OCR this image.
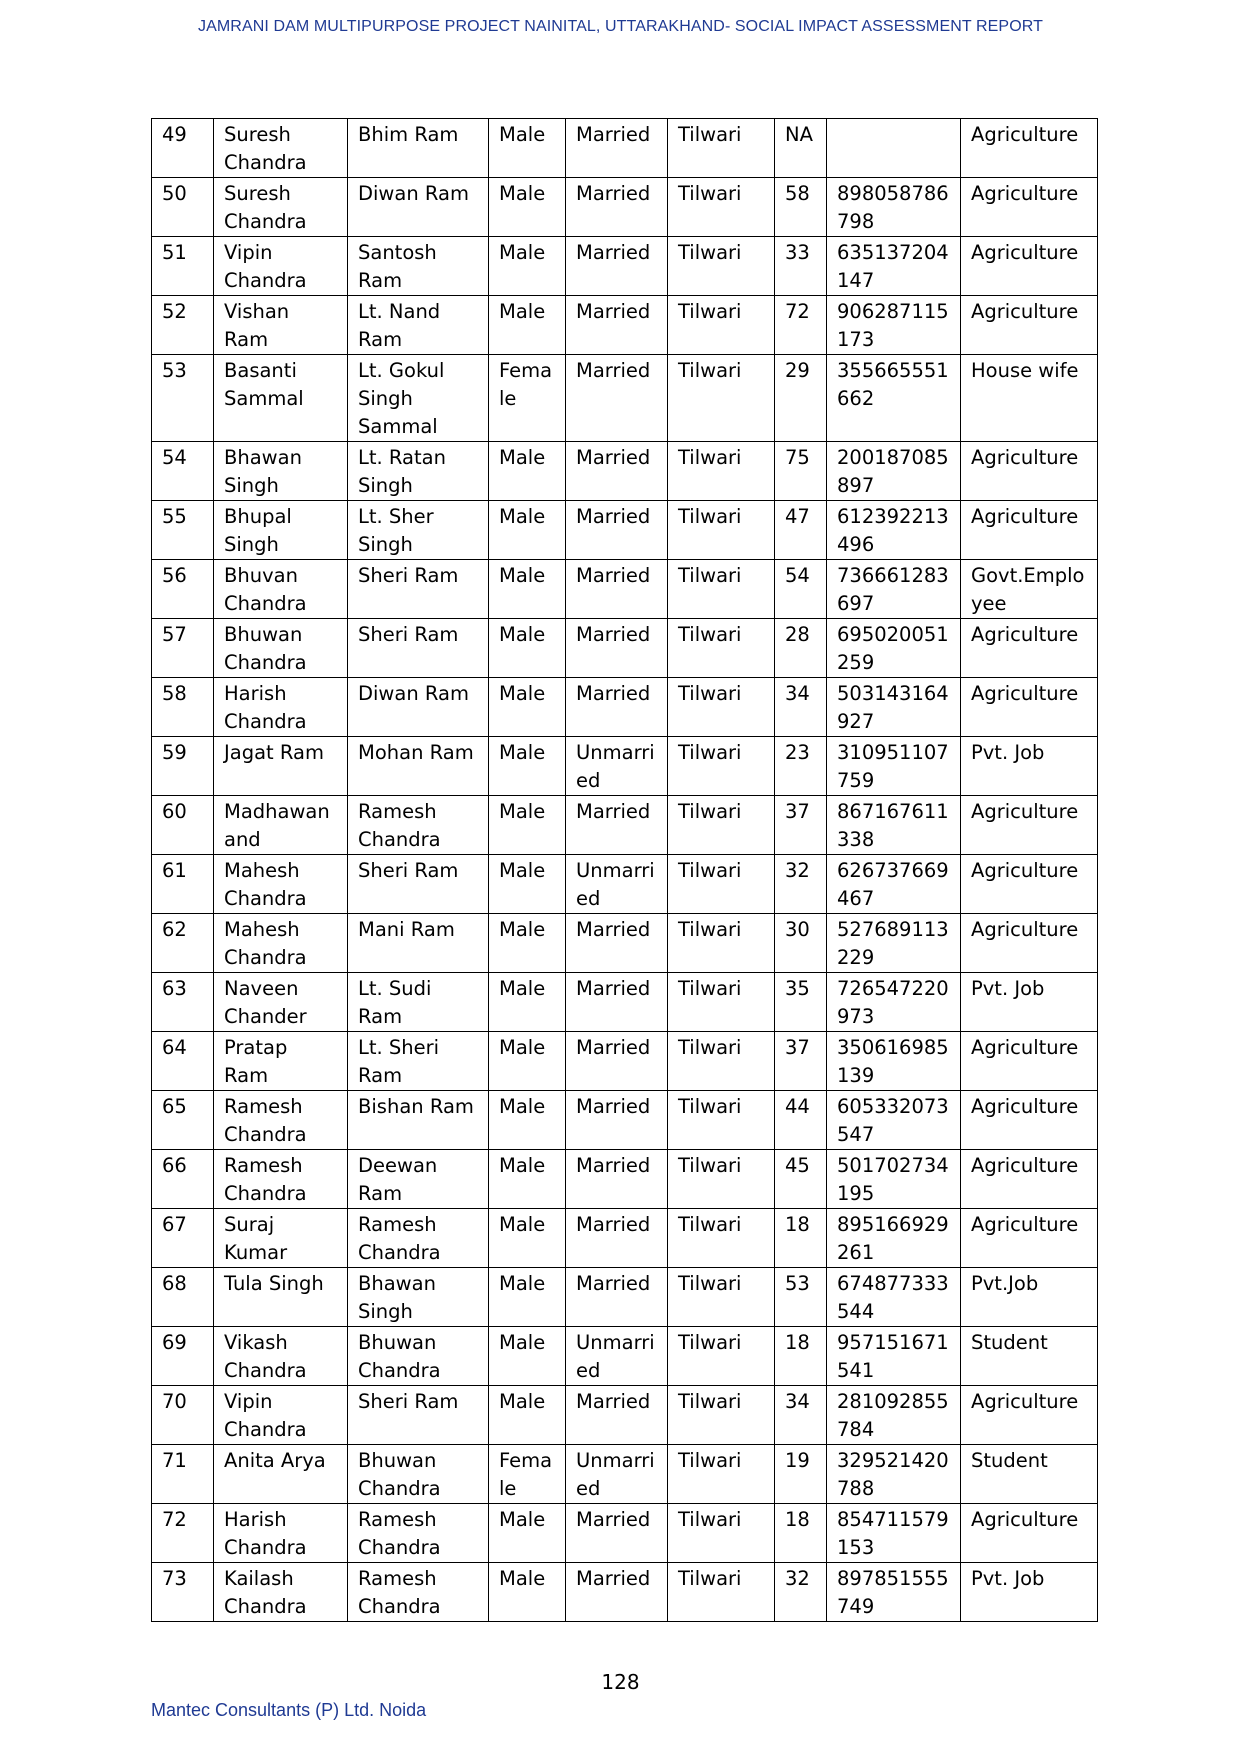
JAMRANI DAM MULTIPURPOSE PROJECT NAINITAL, UTTARAKHAND- SOCIAL IMPACT ASSESSMENT REPORT
49	Suresh Chandra	Bhim Ram	Male	Married	Tilwari	NA		Agriculture
50	Suresh Chandra	Diwan Ram	Male	Married	Tilwari	58	898058786798	Agriculture
51	Vipin Chandra	Santosh Ram	Male	Married	Tilwari	33	635137204147	Agriculture
52	Vishan Ram	Lt. Nand Ram	Male	Married	Tilwari	72	906287115173	Agriculture
53	Basanti Sammal	Lt. Gokul Singh Sammal	Female	Married	Tilwari	29	355665551662	House wife
54	Bhawan Singh	Lt. Ratan Singh	Male	Married	Tilwari	75	200187085897	Agriculture
55	Bhupal Singh	Lt. Sher Singh	Male	Married	Tilwari	47	612392213496	Agriculture
56	Bhuvan Chandra	Sheri Ram	Male	Married	Tilwari	54	736661283697	Govt.Employee
57	Bhuwan Chandra	Sheri Ram	Male	Married	Tilwari	28	695020051259	Agriculture
58	Harish Chandra	Diwan Ram	Male	Married	Tilwari	34	503143164927	Agriculture
59	Jagat Ram	Mohan Ram	Male	Unmarried	Tilwari	23	310951107759	Pvt. Job
60	Madhawan and	Ramesh Chandra	Male	Married	Tilwari	37	867167611338	Agriculture
61	Mahesh Chandra	Sheri Ram	Male	Unmarried	Tilwari	32	626737669467	Agriculture
62	Mahesh Chandra	Mani Ram	Male	Married	Tilwari	30	527689113229	Agriculture
63	Naveen Chander	Lt. Sudi Ram	Male	Married	Tilwari	35	726547220973	Pvt. Job
64	Pratap Ram	Lt. Sheri Ram	Male	Married	Tilwari	37	350616985139	Agriculture
65	Ramesh Chandra	Bishan Ram	Male	Married	Tilwari	44	605332073547	Agriculture
66	Ramesh Chandra	Deewan Ram	Male	Married	Tilwari	45	501702734195	Agriculture
67	Suraj Kumar	Ramesh Chandra	Male	Married	Tilwari	18	895166929261	Agriculture
68	Tula Singh	Bhawan Singh	Male	Married	Tilwari	53	674877333544	Pvt.Job
69	Vikash Chandra	Bhuwan Chandra	Male	Unmarried	Tilwari	18	957151671541	Student
70	Vipin Chandra	Sheri Ram	Male	Married	Tilwari	34	281092855784	Agriculture
71	Anita Arya	Bhuwan Chandra	Female	Unmarried	Tilwari	19	329521420788	Student
72	Harish Chandra	Ramesh Chandra	Male	Married	Tilwari	18	854711579153	Agriculture
73	Kailash Chandra	Ramesh Chandra	Male	Married	Tilwari	32	897851555749	Pvt. Job
128
Mantec Consultants (P) Ltd. Noida
